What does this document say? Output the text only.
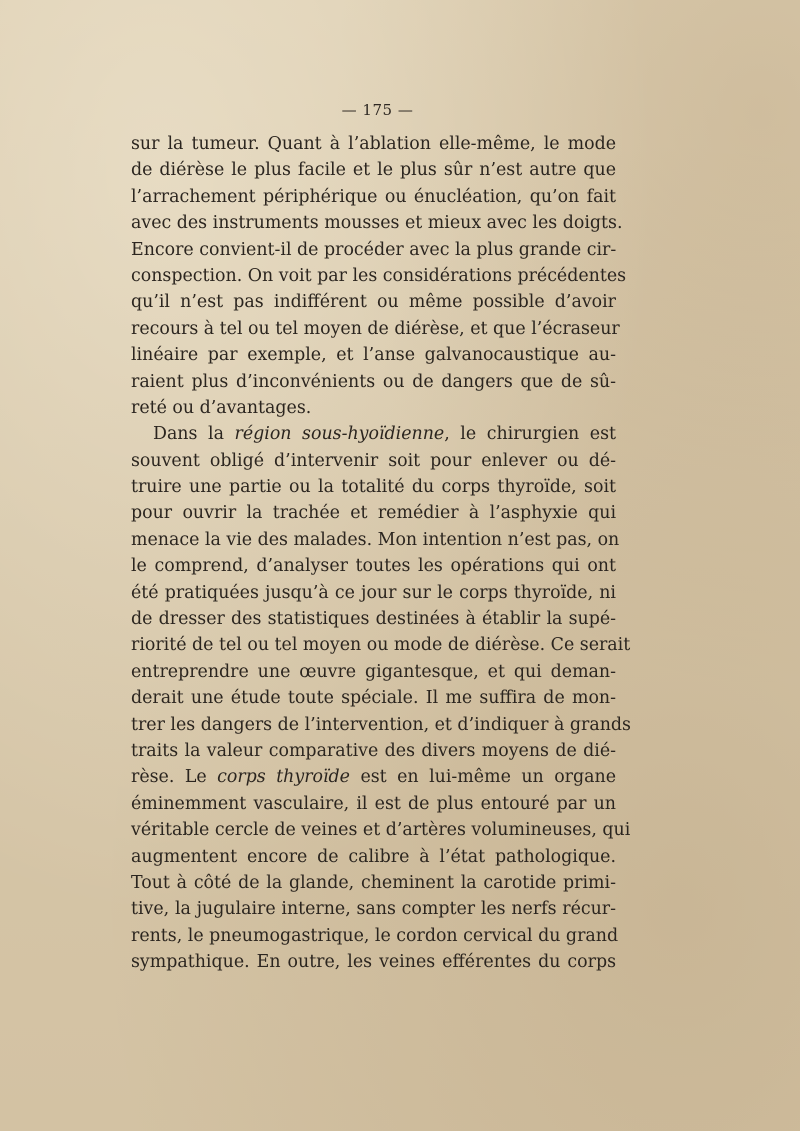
— 175 —
sur la tumeur. Quant à l’ablation elle-même, le mode
de diérèse le plus facile et le plus sûr n’est autre que
l’arrachement périphérique ou énucléation, qu’on fait
avec des instruments mousses et mieux avec les doigts.
Encore convient-il de procéder avec la plus grande cir-
conspection. On voit par les considérations précédentes
qu’il n’est pas indifférent ou même possible d’avoir
recours à tel ou tel moyen de diérèse, et que l’écraseur
linéaire par exemple, et l’anse galvanocaustique au-
raient plus d’inconvénients ou de dangers que de sû-
reté ou d’avantages.
Dans la région sous-hyoïdienne, le chirurgien est
souvent obligé d’intervenir soit pour enlever ou dé-
truire une partie ou la totalité du corps thyroïde, soit
pour ouvrir la trachée et remédier à l’asphyxie qui
menace la vie des malades. Mon intention n’est pas, on
le comprend, d’analyser toutes les opérations qui ont
été pratiquées jusqu’à ce jour sur le corps thyroïde, ni
de dresser des statistiques destinées à établir la supé-
riorité de tel ou tel moyen ou mode de diérèse. Ce serait
entreprendre une œuvre gigantesque, et qui deman-
derait une étude toute spéciale. Il me suffira de mon-
trer les dangers de l’intervention, et d’indiquer à grands
traits la valeur comparative des divers moyens de dié-
rèse. Le corps thyroïde est en lui-même un organe
éminemment vasculaire, il est de plus entouré par un
véritable cercle de veines et d’artères volumineuses, qui
augmentent encore de calibre à l’état pathologique.
Tout à côté de la glande, cheminent la carotide primi-
tive, la jugulaire interne, sans compter les nerfs récur-
rents, le pneumogastrique, le cordon cervical du grand
sympathique. En outre, les veines efférentes du corps
